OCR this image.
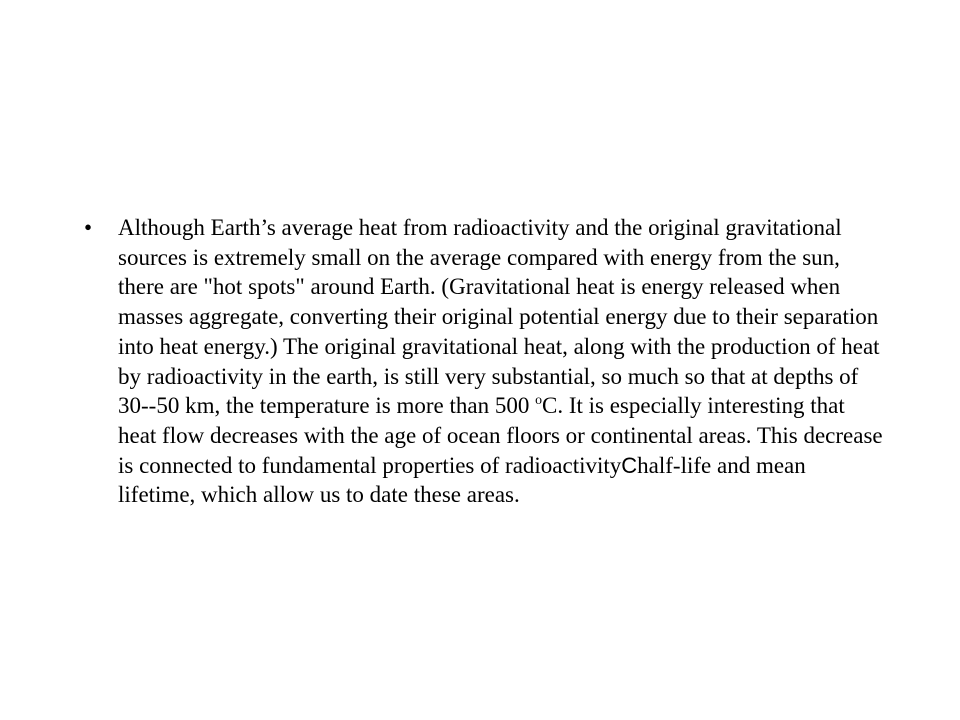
• Although Earth’s average heat from radioactivity and the original gravitational sources is extremely small on the average compared with energy from the sun, there are "hot spots" around Earth. (Gravitational heat is energy released when masses aggregate, converting their original potential energy due to their separation into heat energy.) The original gravitational heat, along with the production of heat by radioactivity in the earth, is still very substantial, so much so that at depths of 30--50 km, the temperature is more than 500 $^o$C. It is especially interesting that heat flow decreases with the age of ocean floors or continental areas. This decrease is connected to fundamental properties of radioactivityChalf-life and mean lifetime, which allow us to date these areas.
